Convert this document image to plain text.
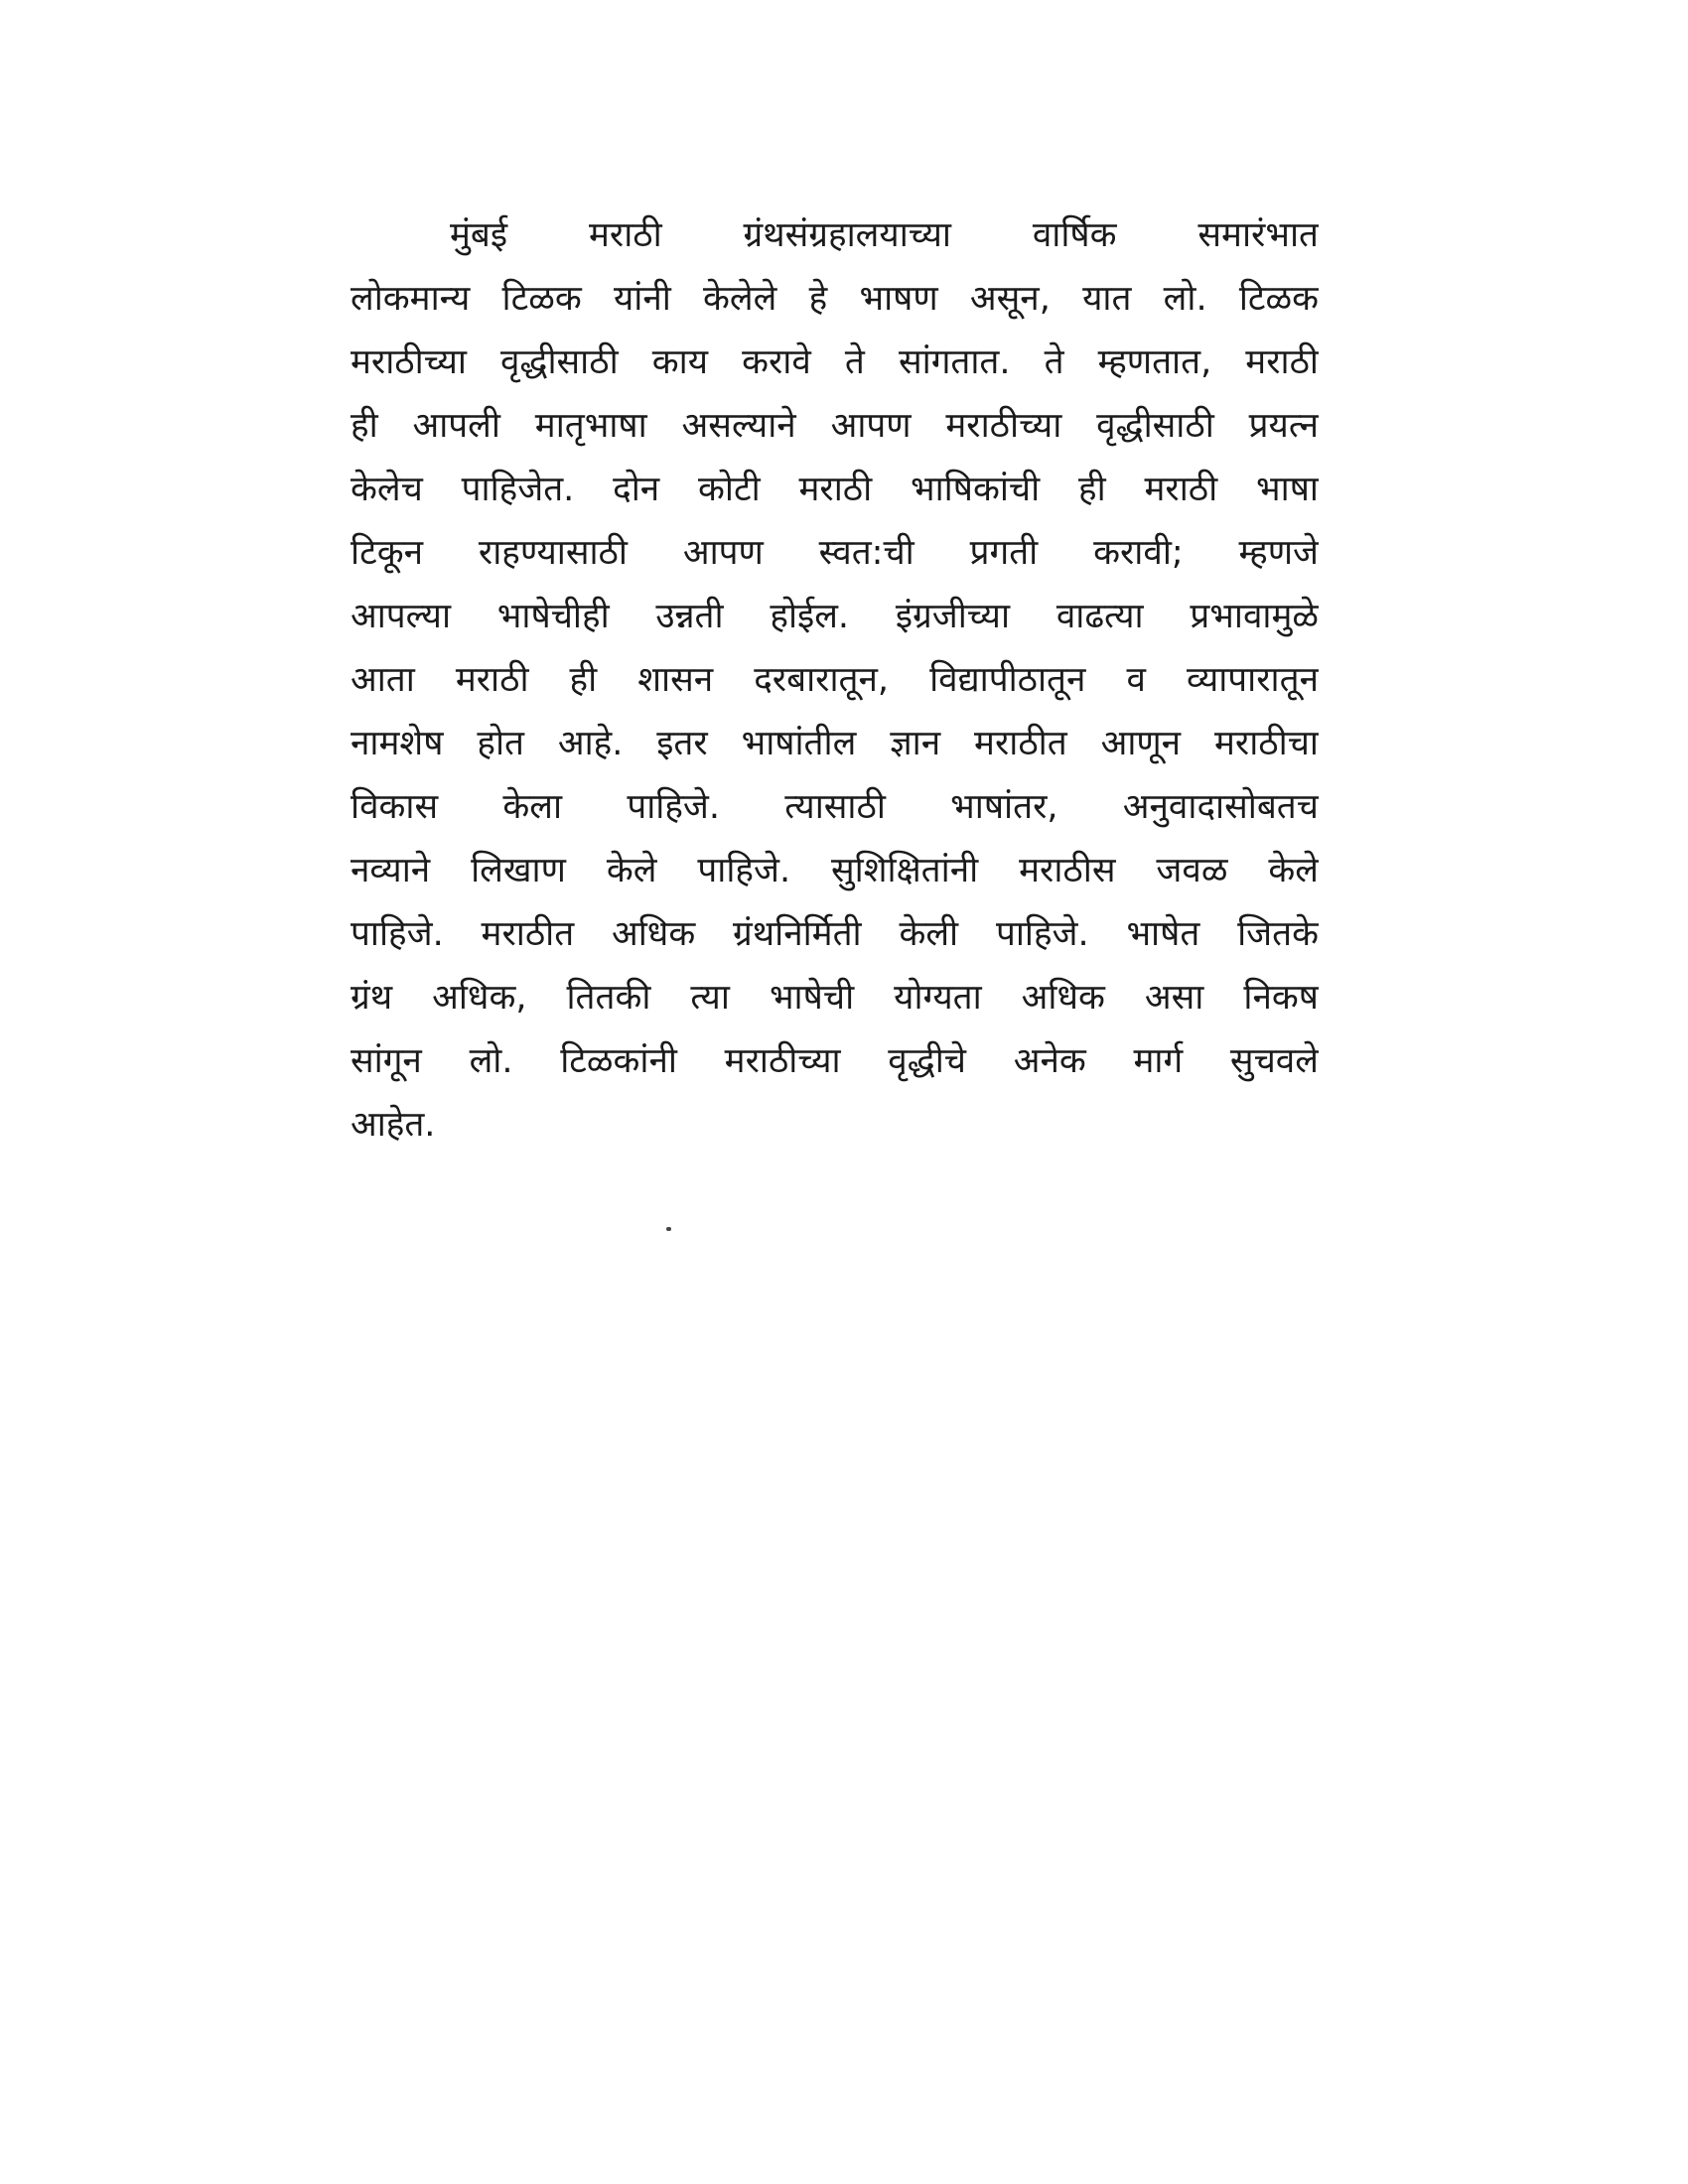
मुंबई मराठी ग्रंथसंग्रहालयाच्या वार्षिक समारंभात
लोकमान्य टिळक यांनी केलेले हे भाषण असून, यात लो. टिळक
मराठीच्या वृद्धीसाठी काय करावे ते सांगतात. ते म्हणतात, मराठी
ही आपली मातृभाषा असल्याने आपण मराठीच्या वृद्धीसाठी प्रयत्न
केलेच पाहिजेत. दोन कोटी मराठी भाषिकांची ही मराठी भाषा
टिकून राहण्यासाठी आपण स्वत:ची प्रगती करावी; म्हणजे
आपल्या भाषेचीही उन्नती होईल. इंग्रजीच्या वाढत्या प्रभावामुळे
आता मराठी ही शासन दरबारातून, विद्यापीठातून व व्यापारातून
नामशेष होत आहे. इतर भाषांतील ज्ञान मराठीत आणून मराठीचा
विकास केला पाहिजे. त्यासाठी भाषांतर, अनुवादासोबतच
नव्याने लिखाण केले पाहिजे. सुशिक्षितांनी मराठीस जवळ केले
पाहिजे. मराठीत अधिक ग्रंथनिर्मिती केली पाहिजे. भाषेत जितके
ग्रंथ अधिक, तितकी त्या भाषेची योग्यता अधिक असा निकष
सांगून लो. टिळकांनी मराठीच्या वृद्धीचे अनेक मार्ग सुचवले
आहेत.
